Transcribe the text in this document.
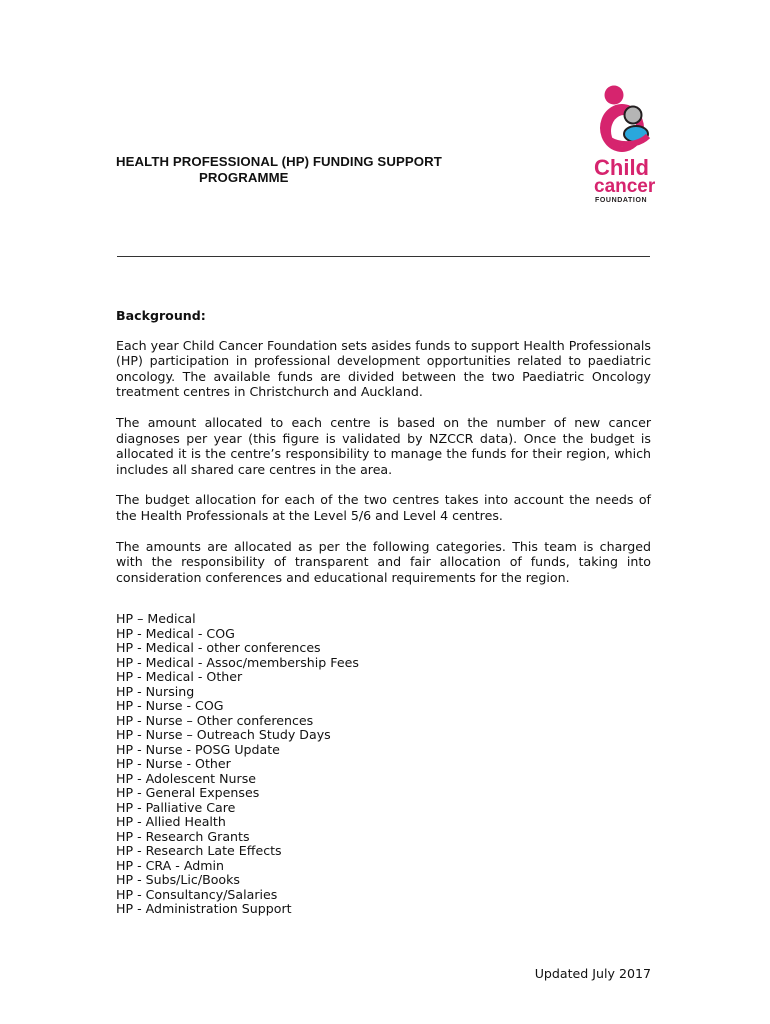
HEALTH PROFESSIONAL (HP) FUNDING SUPPORT
PROGRAMME	Child
cancer
FOUNDATION
Background:

Each year Child Cancer Foundation sets asides funds to support Health Professionals (HP) participation in professional development opportunities related to paediatric oncology. The available funds are divided between the two Paediatric Oncology treatment centres in Christchurch and Auckland.

The amount allocated to each centre is based on the number of new cancer diagnoses per year (this figure is validated by NZCCR data). Once the budget is allocated it is the centre’s responsibility to manage the funds for their region, which includes all shared care centres in the area.

The budget allocation for each of the two centres takes into account the needs of the Health Professionals at the Level 5/6 and Level 4 centres.

The amounts are allocated as per the following categories. This team is charged with the responsibility of transparent and fair allocation of funds, taking into consideration conferences and educational requirements for the region.

HP – Medical
HP - Medical - COG
HP - Medical - other conferences
HP - Medical - Assoc/membership Fees
HP - Medical - Other
HP - Nursing
HP - Nurse - COG
HP - Nurse – Other conferences
HP - Nurse – Outreach Study Days
HP - Nurse - POSG Update
HP - Nurse - Other
HP - Adolescent Nurse
HP - General Expenses
HP - Palliative Care
HP - Allied Health
HP - Research Grants
HP - Research Late Effects
HP - CRA - Admin
HP - Subs/Lic/Books
HP - Consultancy/Salaries
HP - Administration Support
Updated July 2017
